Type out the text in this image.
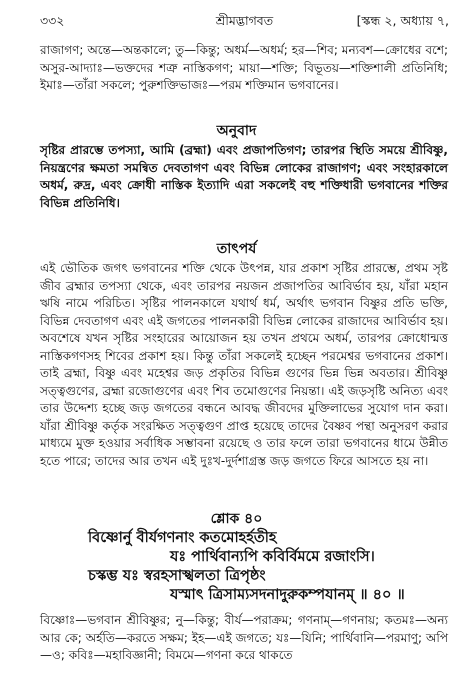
৩৩২	শ্রীমদ্ভাগবত	[স্কন্ধ ২, অধ্যায় ৭,

রাজাগণ; অন্তে—অন্তকালে; তু—কিন্তু; অধর্ম—অধর্ম; হর—শিব; মন্যবশ—ক্রোধের বশে; অসুর-আদ্যাঃ—ভক্তদের শত্রু নাস্তিকগণ; মায়া—শক্তি; বিভূতয়—শক্তিশালী প্রতিনিধি; ইমাঃ—তাঁরা সকলে; পুরুশক্তিভাজঃ—পরম শক্তিমান ভগবানের।

অনুবাদ

সৃষ্টির প্রারম্ভে তপস্যা, আমি (ব্রহ্মা) এবং প্রজাপতিগণ; তারপর স্থিতি সময়ে শ্রীবিষ্ণু, নিয়ন্ত্রণের ক্ষমতা সমন্বিত দেবতাগণ এবং বিভিন্ন লোকের রাজাগণ; এবং সংহারকালে অধর্ম, রুদ্র, এবং ক্রোধী নাস্তিক ইত্যাদি এরা সকলেই বহু শক্তিধারী ভগবানের শক্তির বিভিন্ন প্রতিনিধি।

তাৎপর্য

এই ভৌতিক জগৎ ভগবানের শক্তি থেকে উৎপন্ন, যার প্রকাশ সৃষ্টির প্রারম্ভে, প্রথম সৃষ্ট জীব ব্রহ্মার তপস্যা থেকে, এবং তারপর নয়জন প্রজাপতির আবির্ভাব হয়, যাঁরা মহান ঋষি নামে পরিচিত। সৃষ্টির পালনকালে যথার্থ ধর্ম, অর্থাৎ ভগবান বিষ্ণুর প্রতি ভক্তি, বিভিন্ন দেবতাগণ এবং এই জগতের পালনকারী বিভিন্ন লোকের রাজাদের আবির্ভাব হয়। অবশেষে যখন সৃষ্টির সংহারের আয়োজন হয় তখন প্রথমে অধর্ম, তারপর ক্রোধোন্মত্ত নাস্তিকগণসহ শিবের প্রকাশ হয়। কিন্তু তাঁরা সকলেই হচ্ছেন পরমেশ্বর ভগবানের প্রকাশ। তাই ব্রহ্মা, বিষ্ণু এবং মহেশ্বর জড় প্রকৃতির বিভিন্ন গুণের ভিন্ন ভিন্ন অবতার। শ্রীবিষ্ণু সত্ত্বগুণের, ব্রহ্মা রজোগুণের এবং শিব তমোগুণের নিয়ন্তা। এই জড়সৃষ্টি অনিত্য এবং তার উদ্দেশ্য হচ্ছে জড় জগতের বন্ধনে আবদ্ধ জীবদের মুক্তিলাভের সুযোগ দান করা। যাঁরা শ্রীবিষ্ণু কর্তৃক সংরক্ষিত সত্ত্বগুণ প্রাপ্ত হয়েছে তাদের বৈষ্ণব পন্থা অনুসরণ করার মাধ্যমে মুক্ত হওয়ার সর্বাধিক সম্ভাবনা রয়েছে ও তার ফলে তারা ভগবানের ধামে উন্নীত হতে পারে; তাদের আর তখন এই দুঃখ-দুর্দশাগ্রস্ত জড় জগতে ফিরে আসতে হয় না।

শ্লোক ৪০
বিষ্ণোর্নু বীর্যগণনাং কতমোহর্হতীহ
যঃ পার্থিবান্যপি কবির্বিমমে রজাংসি।
চস্কম্ভ যঃ স্বরহসাস্খলতা ত্রিপৃষ্ঠং
যস্মাৎ ত্রিসাম্যসদনাদুরুকম্পযানম্ ॥ ৪০ ॥

বিষ্ণোঃ—ভগবান শ্রীবিষ্ণুর; নু—কিন্তু; বীর্য—পরাক্রম; গণনাম্—গণনায়; কতমঃ—অন্য আর কে; অর্হতি—করতে সক্ষম; ইহ—এই জগতে; যঃ—যিনি; পার্থিবানি—পরমাণু; অপি—ও; কবিঃ—মহাবিজ্ঞানী; বিমমে—গণনা করে থাকতে
